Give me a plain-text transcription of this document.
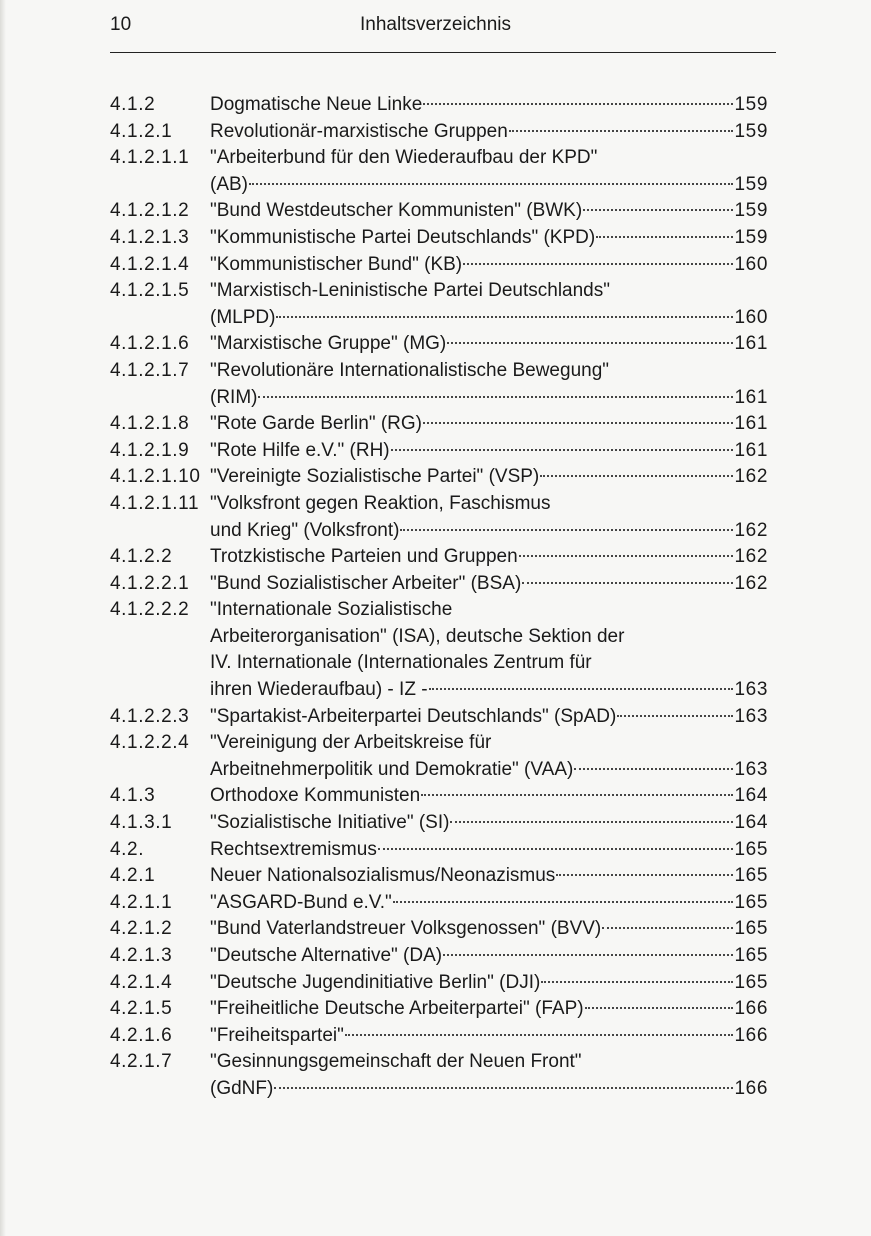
10	Inhaltsverzeichnis
4.1.2	Dogmatische Neue Linke	159
4.1.2.1	Revolutionär-marxistische Gruppen	159
4.1.2.1.1	"Arbeiterbund für den Wiederaufbau der KPD"
(AB)	159
4.1.2.1.2	"Bund Westdeutscher Kommunisten" (BWK)	159
4.1.2.1.3	"Kommunistische Partei Deutschlands" (KPD)	159
4.1.2.1.4	"Kommunistischer Bund" (KB)	160
4.1.2.1.5	"Marxistisch-Leninistische Partei Deutschlands"
(MLPD)	160
4.1.2.1.6	"Marxistische Gruppe" (MG)	161
4.1.2.1.7	"Revolutionäre Internationalistische Bewegung"
(RIM)	161
4.1.2.1.8	"Rote Garde Berlin" (RG)	161
4.1.2.1.9	"Rote Hilfe e.V." (RH)	161
4.1.2.1.10 "Vereinigte Sozialistische Partei" (VSP)	162
4.1.2.1.11 "Volksfront gegen Reaktion, Faschismus
und Krieg" (Volksfront)	162
4.1.2.2	Trotzkistische Parteien und Gruppen	162
4.1.2.2.1	"Bund Sozialistischer Arbeiter" (BSA)	162
4.1.2.2.2	"Internationale Sozialistische
Arbeiterorganisation" (ISA), deutsche Sektion der
IV. Internationale (Internationales Zentrum für
ihren Wiederaufbau) - IZ -	163
4.1.2.2.3	"Spartakist-Arbeiterpartei Deutschlands" (SpAD)	163
4.1.2.2.4	"Vereinigung der Arbeitskreise für
Arbeitnehmerpolitik und Demokratie" (VAA)	163
4.1.3	Orthodoxe Kommunisten	164
4.1.3.1	"Sozialistische Initiative" (SI)	164
4.2.	Rechtsextremismus	165
4.2.1	Neuer Nationalsozialismus/Neonazismus	165
4.2.1.1	"ASGARD-Bund e.V."	165
4.2.1.2	"Bund Vaterlandstreuer Volksgenossen" (BVV)	165
4.2.1.3	"Deutsche Alternative" (DA)	165
4.2.1.4	"Deutsche Jugendinitiative Berlin" (DJI)	165
4.2.1.5	"Freiheitliche Deutsche Arbeiterpartei" (FAP)	166
4.2.1.6	"Freiheitspartei"	166
4.2.1.7	"Gesinnungsgemeinschaft der Neuen Front"
(GdNF)	166
